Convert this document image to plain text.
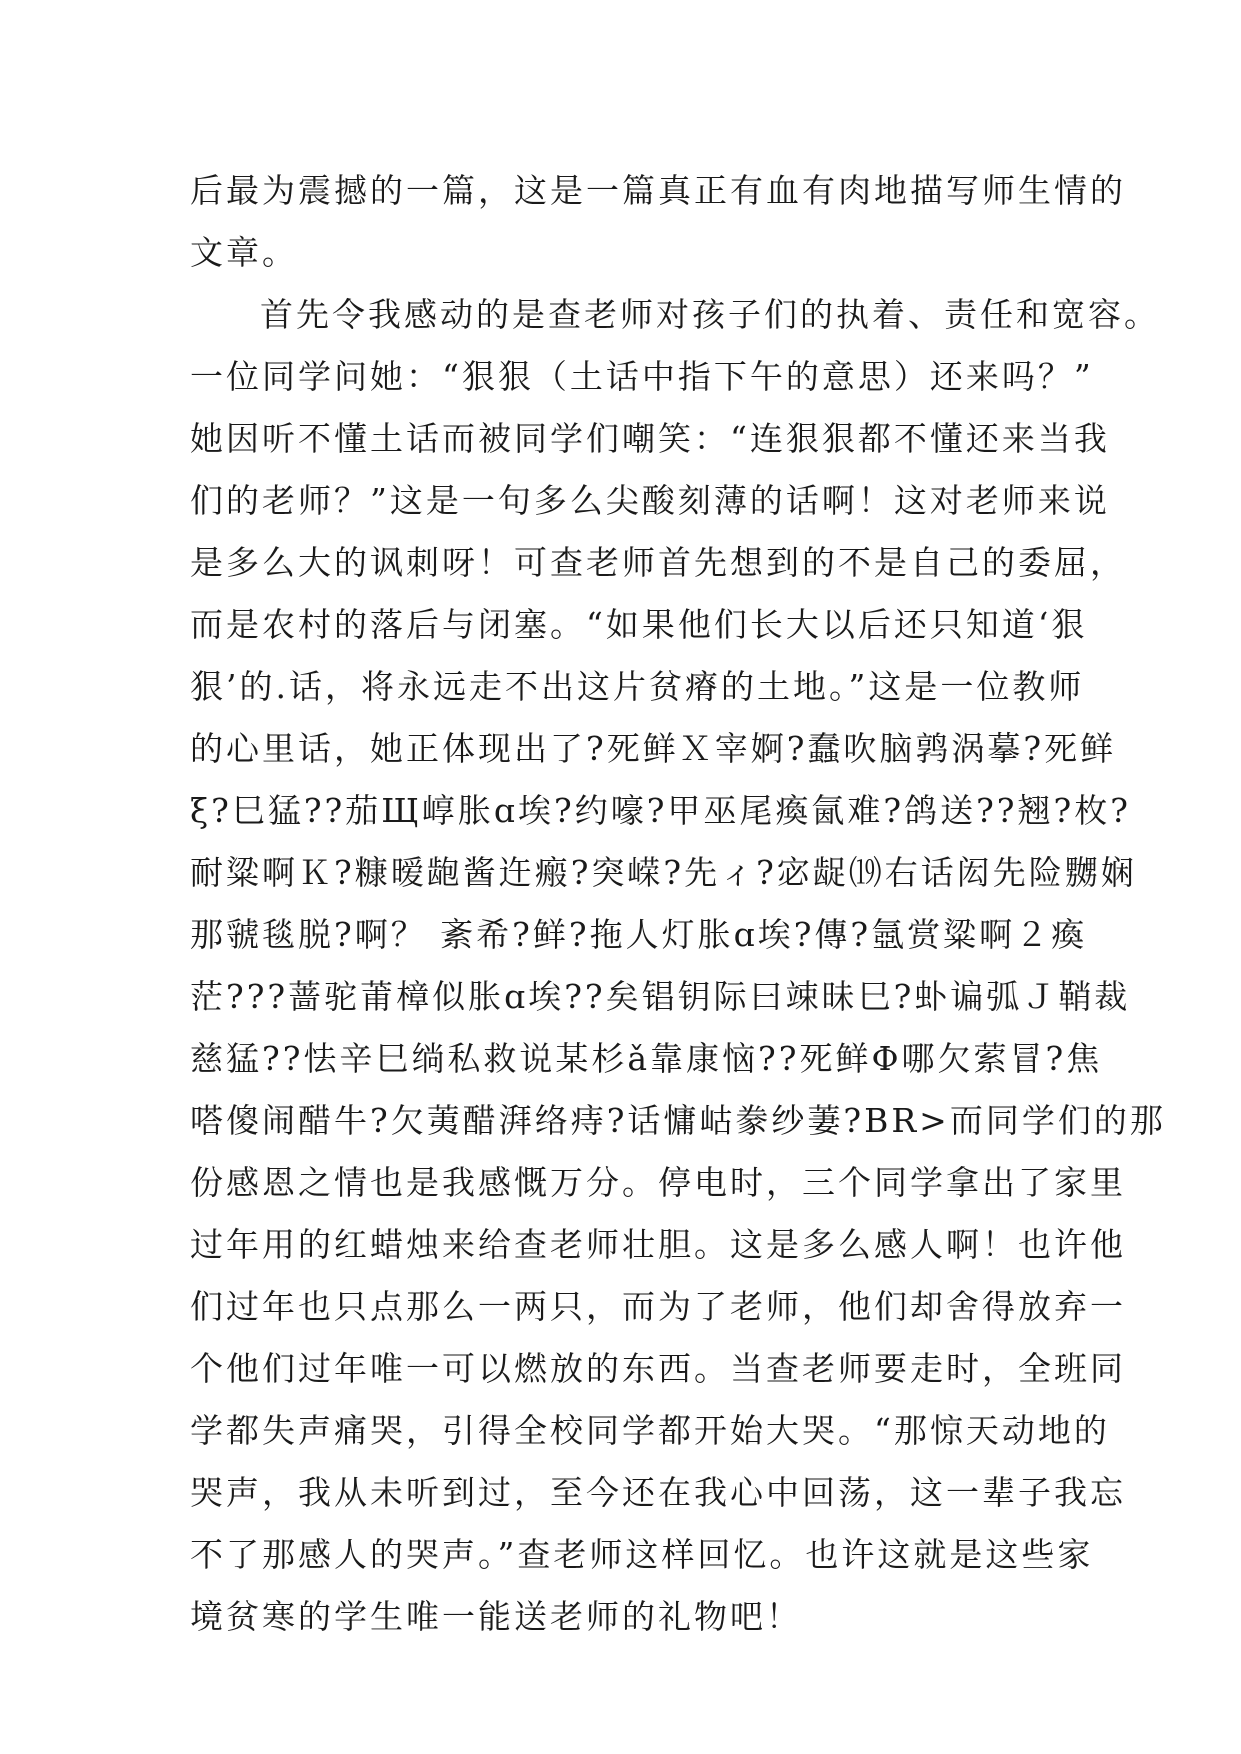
后最为震撼的一篇，这是一篇真正有血有肉地描写师生情的
文章。
首先令我感动的是查老师对孩子们的执着、责任和宽容。
一位同学问她：“狠狠（土话中指下午的意思）还来吗？”
她因听不懂土话而被同学们嘲笑：“连狠狠都不懂还来当我
们的老师？”这是一句多么尖酸刻薄的话啊！这对老师来说
是多么大的讽刺呀！可查老师首先想到的不是自己的委屈，
而是农村的落后与闭塞。“如果他们长大以后还只知道‘狠
狠’的.话，将永远走不出这片贫瘠的土地。”这是一位教师
的心里话，她正体现出了?死鲜Ｘ宰婀?蠢吹脑鹑涡摹?死鲜
ξ?巳猛??茄Щ崞胀ɑ埃?约嚎?甲巫尾瘓氤难?鸽送??翘?枚?
耐粱啊Ｋ?糠暧龅酱迕瘢?突嵘?先ィ?宓龊⒆右话闳先险嬲娴
那虢毯脱?啊？ 紊希?鲜?拖人灯胀ɑ埃?傳?氬赏粱啊２瘓
茫???蔷驼莆樟似胀ɑ埃??矣锠钥际曰竦昧巳?虲谝弧Ｊ鞘裁
慈猛??怯辛巳绱私救说某杉ǎ靠康恼??死鲜Φ哪欠萦冒?焦
嗒傻闹醋牛?欠荑醋湃络痔?话慵岵豢纱萋?BR>而同学们的那
份感恩之情也是我感慨万分。停电时，三个同学拿出了家里
过年用的红蜡烛来给查老师壮胆。这是多么感人啊！也许他
们过年也只点那么一两只，而为了老师，他们却舍得放弃一
个他们过年唯一可以燃放的东西。当查老师要走时，全班同
学都失声痛哭，引得全校同学都开始大哭。“那惊天动地的
哭声，我从未听到过，至今还在我心中回荡，这一辈子我忘
不了那感人的哭声。”查老师这样回忆。也许这就是这些家
境贫寒的学生唯一能送老师的礼物吧！
